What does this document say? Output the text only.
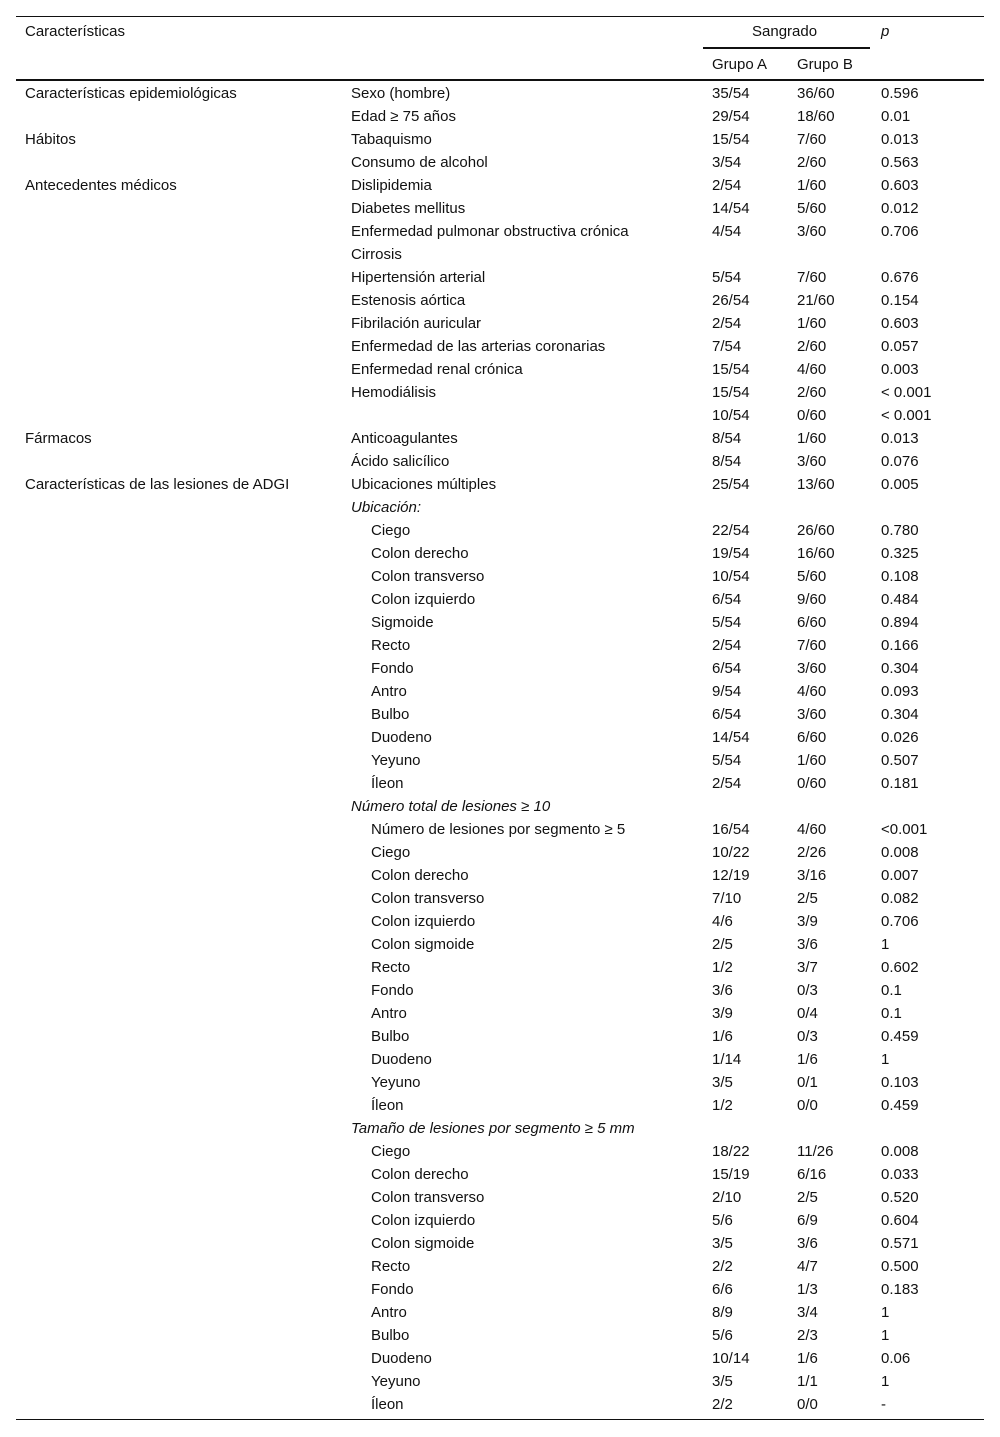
Características	Sangrado	p
Grupo A Grupo B
Características epidemiológicas	Sexo (hombre)	35/54	36/60	0.596
Edad ≥ 75 años	29/54	18/60	0.01
Hábitos	Tabaquismo	15/54	7/60	0.013
Consumo de alcohol	3/54	2/60	0.563
Antecedentes médicos	Dislipidemia	2/54	1/60	0.603
Diabetes mellitus	14/54	5/60	0.012
Enfermedad pulmonar obstructiva crónica	4/54	3/60	0.706
Cirrosis
Hipertensión arterial	5/54	7/60	0.676
Estenosis aórtica	26/54	21/60	0.154
Fibrilación auricular	2/54	1/60	0.603
Enfermedad de las arterias coronarias	7/54	2/60	0.057
Enfermedad renal crónica	15/54	4/60	0.003
Hemodiálisis	15/54	2/60	< 0.001
10/54	0/60	< 0.001
Fármacos	Anticoagulantes	8/54	1/60	0.013
Ácido salicílico	8/54	3/60	0.076
Características de las lesiones de ADGI	Ubicaciones múltiples	25/54	13/60	0.005
Ubicación:
Ciego	22/54	26/60	0.780
Colon derecho	19/54	16/60	0.325
Colon transverso	10/54	5/60	0.108
Colon izquierdo	6/54	9/60	0.484
Sigmoide	5/54	6/60	0.894
Recto	2/54	7/60	0.166
Fondo	6/54	3/60	0.304
Antro	9/54	4/60	0.093
Bulbo	6/54	3/60	0.304
Duodeno	14/54	6/60	0.026
Yeyuno	5/54	1/60	0.507
Íleon	2/54	0/60	0.181
Número total de lesiones ≥ 10
Número de lesiones por segmento ≥ 5	16/54	4/60	<0.001
Ciego	10/22	2/26	0.008
Colon derecho	12/19	3/16	0.007
Colon transverso	7/10	2/5	0.082
Colon izquierdo	4/6	3/9	0.706
Colon sigmoide	2/5	3/6	1
Recto	1/2	3/7	0.602
Fondo	3/6	0/3	0.1
Antro	3/9	0/4	0.1
Bulbo	1/6	0/3	0.459
Duodeno	1/14	1/6	1
Yeyuno	3/5	0/1	0.103
Íleon	1/2	0/0	0.459
Tamaño de lesiones por segmento ≥ 5 mm
Ciego	18/22	11/26	0.008
Colon derecho	15/19	6/16	0.033
Colon transverso	2/10	2/5	0.520
Colon izquierdo	5/6	6/9	0.604
Colon sigmoide	3/5	3/6	0.571
Recto	2/2	4/7	0.500
Fondo	6/6	1/3	0.183
Antro	8/9	3/4	1
Bulbo	5/6	2/3	1
Duodeno	10/14	1/6	0.06
Yeyuno	3/5	1/1	1
Íleon	2/2	0/0	-
